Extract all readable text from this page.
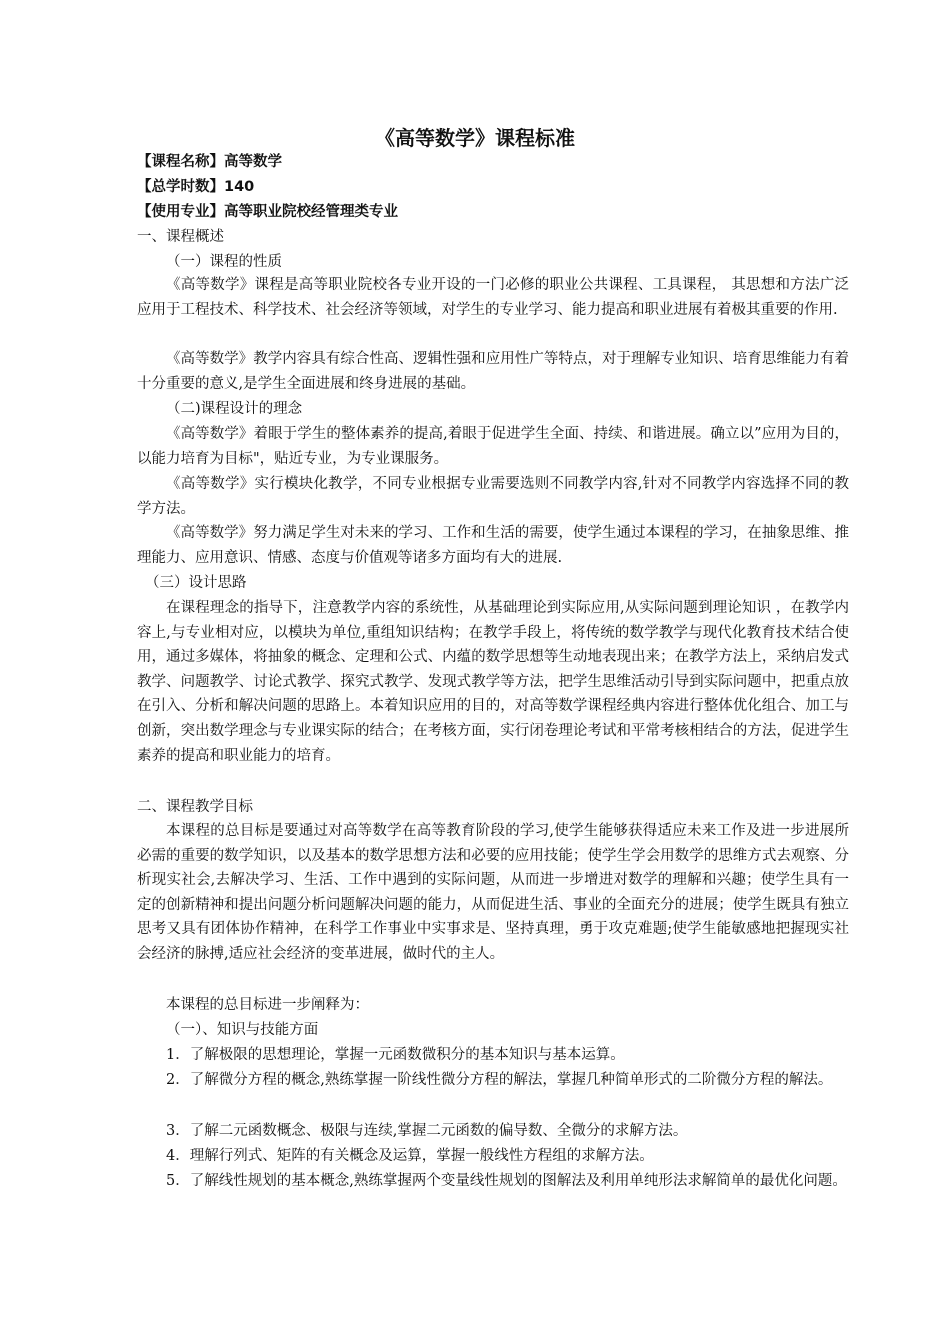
《高等数学》课程标准
【课程名称】高等数学
【总学时数】140
【使用专业】高等职业院校经管理类专业
一、课程概述
（一）课程的性质
《高等数学》课程是高等职业院校各专业开设的一门必修的职业公共课程、工具课程， 其思想和方法广泛应用于工程技术、科学技术、社会经济等领域，对学生的专业学习、能力提高和职业进展有着极其重要的作用.
《高等数学》教学内容具有综合性高、逻辑性强和应用性广等特点，对于理解专业知识、培育思维能力有着十分重要的意义,是学生全面进展和终身进展的基础。
（二)课程设计的理念
《高等数学》着眼于学生的整体素养的提高,着眼于促进学生全面、持续、和谐进展。确立以”应用为目的，以能力培育为目标"，贴近专业，为专业课服务。
《高等数学》实行模块化教学，不同专业根据专业需要选则不同教学内容,针对不同教学内容选择不同的教学方法。
《高等数学》努力满足学生对未来的学习、工作和生活的需要，使学生通过本课程的学习，在抽象思维、推理能力、应用意识、情感、态度与价值观等诸多方面均有大的进展.
（三）设计思路
在课程理念的指导下，注意教学内容的系统性，从基础理论到实际应用,从实际问题到理论知识 ，在教学内容上,与专业相对应，以模块为单位,重组知识结构；在教学手段上，将传统的数学教学与现代化教育技术结合使用，通过多媒体，将抽象的概念、定理和公式、内蕴的数学思想等生动地表现出来；在教学方法上，采纳启发式教学、问题教学、讨论式教学、探究式教学、发现式教学等方法，把学生思维活动引导到实际问题中，把重点放在引入、分析和解决问题的思路上。本着知识应用的目的，对高等数学课程经典内容进行整体优化组合、加工与创新，突出数学理念与专业课实际的结合；在考核方面，实行闭卷理论考试和平常考核相结合的方法，促进学生素养的提高和职业能力的培育。
二、课程教学目标
本课程的总目标是要通过对高等数学在高等教育阶段的学习,使学生能够获得适应未来工作及进一步进展所必需的重要的数学知识，以及基本的数学思想方法和必要的应用技能；使学生学会用数学的思维方式去观察、分析现实社会,去解决学习、生活、工作中遇到的实际问题，从而进一步增进对数学的理解和兴趣；使学生具有一定的创新精神和提出问题分析问题解决问题的能力，从而促进生活、事业的全面充分的进展；使学生既具有独立思考又具有团体协作精神，在科学工作事业中实事求是、坚持真理，勇于攻克难题;使学生能敏感地把握现实社会经济的脉搏,适应社会经济的变革进展，做时代的主人。
本课程的总目标进一步阐释为：
（一）、知识与技能方面
1．了解极限的思想理论，掌握一元函数微积分的基本知识与基本运算。
2．了解微分方程的概念,熟练掌握一阶线性微分方程的解法，掌握几种简单形式的二阶微分方程的解法。
3．了解二元函数概念、极限与连续,掌握二元函数的偏导数、全微分的求解方法。
4．理解行列式、矩阵的有关概念及运算，掌握一般线性方程组的求解方法。
5．了解线性规划的基本概念,熟练掌握两个变量线性规划的图解法及利用单纯形法求解简单的最优化问题。
